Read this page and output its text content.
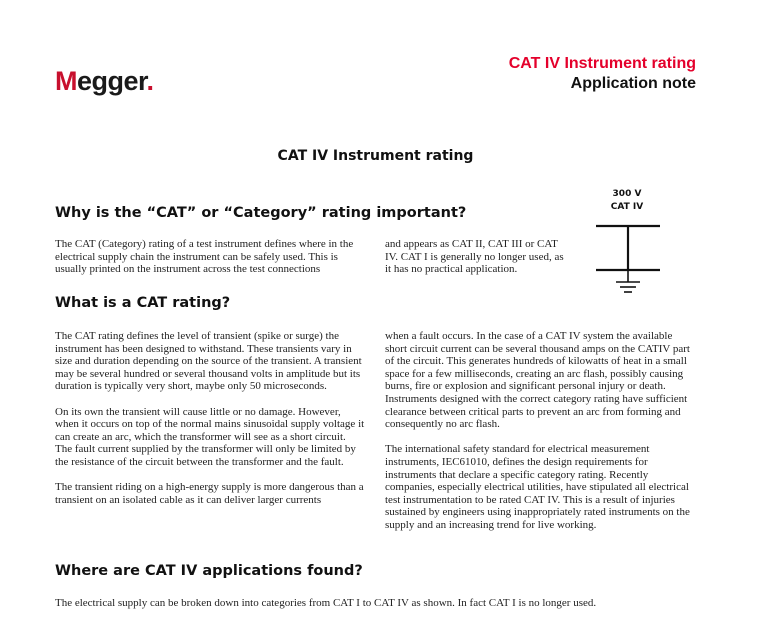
Megger.
CAT IV Instrument rating
Application note
CAT IV Instrument rating
300 V
CAT IV
Why is the “CAT” or “Category” rating important?

The CAT (Category) rating of a test instrument defines where in the electrical supply chain the instrument can be safely used. This is usually printed on the instrument across the test connections

and appears as CAT II, CAT III or CAT IV. CAT I is generally no longer used, as it has no practical application.

What is a CAT rating?

The CAT rating defines the level of transient (spike or surge) the instrument has been designed to withstand. These transients vary in size and duration depending on the source of the transient. A transient may be several hundred or several thousand volts in amplitude but its duration is typically very short, maybe only 50 microseconds.

On its own the transient will cause little or no damage. However, when it occurs on top of the normal mains sinusoidal supply voltage it can create an arc, which the transformer will see as a short circuit. The fault current supplied by the transformer will only be limited by the resistance of the circuit between the transformer and the fault.

The transient riding on a high-energy supply is more dangerous than a transient on an isolated cable as it can deliver larger currents

when a fault occurs. In the case of a CAT IV system the available short circuit current can be several thousand amps on the CATIV part of the circuit. This generates hundreds of kilowatts of heat in a small space for a few milliseconds, creating an arc flash, possibly causing burns, fire or explosion and significant personal injury or death. Instruments designed with the correct category rating have sufficient clearance between critical parts to prevent an arc from forming and consequently no arc flash.

The international safety standard for electrical measurement instruments, IEC61010, defines the design requirements for instruments that declare a specific category rating. Recently companies, especially electrical utilities, have stipulated all electrical test instrumentation to be rated CAT IV. This is a result of injuries sustained by engineers using inappropriately rated instruments on the supply and an increasing trend for live working.

Where are CAT IV applications found?
The electrical supply can be broken down into categories from CAT I to CAT IV as shown. In fact CAT I is no longer used.
